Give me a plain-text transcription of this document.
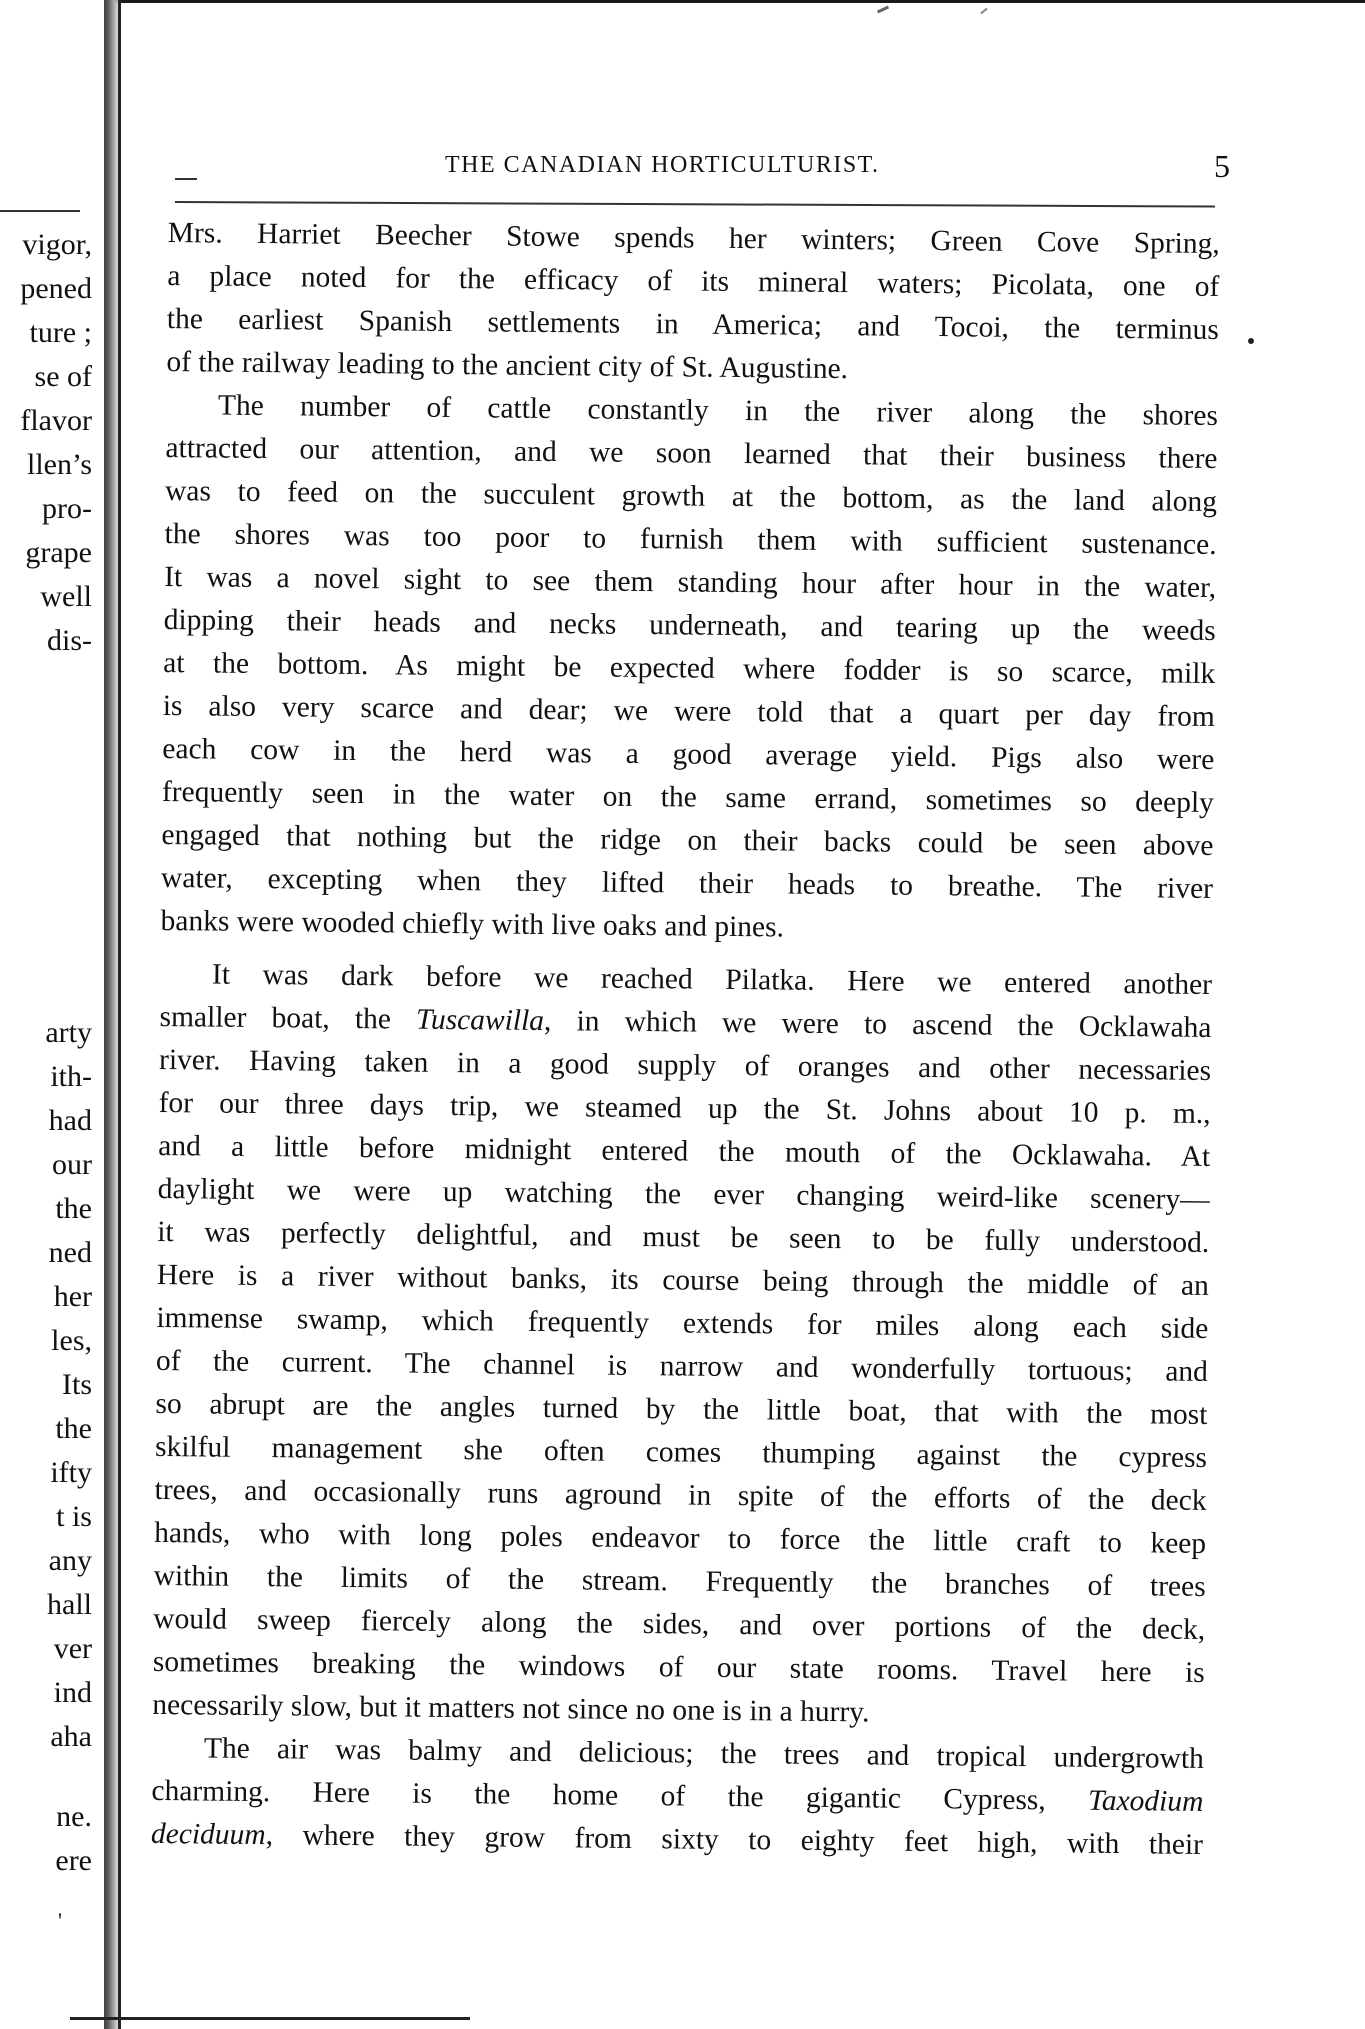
vigor,
pened
ture ;
se of
flavor
llen’s
pro-
grape
well
dis-
arty
ith-
had
our
the
ned
her
les,
Its
the
ifty
t is
any
hall
ver
ind
aha
ne.
ere
'
THE CANADIAN HORTICULTURIST.	5
Mrs. Harriet Beecher Stowe spends her winters; Green Cove Spring,
a place noted for the efficacy of its mineral waters; Picolata, one of
the earliest Spanish settlements in America; and Tocoi, the terminus
of the railway leading to the ancient city of St. Augustine.
The number of cattle constantly in the river along the shores
attracted our attention, and we soon learned that their business there
was to feed on the succulent growth at the bottom, as the land along
the shores was too poor to furnish them with sufficient sustenance.
It was a novel sight to see them standing hour after hour in the water,
dipping their heads and necks underneath, and tearing up the weeds
at the bottom. As might be expected where fodder is so scarce, milk
is also very scarce and dear; we were told that a quart per day from
each cow in the herd was a good average yield. Pigs also were
frequently seen in the water on the same errand, sometimes so deeply
engaged that nothing but the ridge on their backs could be seen above
water, excepting when they lifted their heads to breathe. The river
banks were wooded chiefly with live oaks and pines.
It was dark before we reached Pilatka. Here we entered another
smaller boat, the Tuscawilla, in which we were to ascend the Ocklawaha
river. Having taken in a good supply of oranges and other necessaries
for our three days trip, we steamed up the St. Johns about 10 p. m.,
and a little before midnight entered the mouth of the Ocklawaha. At
daylight we were up watching the ever changing weird-like scenery—
it was perfectly delightful, and must be seen to be fully understood.
Here is a river without banks, its course being through the middle of an
immense swamp, which frequently extends for miles along each side
of the current. The channel is narrow and wonderfully tortuous; and
so abrupt are the angles turned by the little boat, that with the most
skilful management she often comes thumping against the cypress
trees, and occasionally runs aground in spite of the efforts of the deck
hands, who with long poles endeavor to force the little craft to keep
within the limits of the stream. Frequently the branches of trees
would sweep fiercely along the sides, and over portions of the deck,
sometimes breaking the windows of our state rooms. Travel here is
necessarily slow, but it matters not since no one is in a hurry.
The air was balmy and delicious; the trees and tropical undergrowth
charming. Here is the home of the gigantic Cypress, Taxodium
deciduum, where they grow from sixty to eighty feet high, with their
